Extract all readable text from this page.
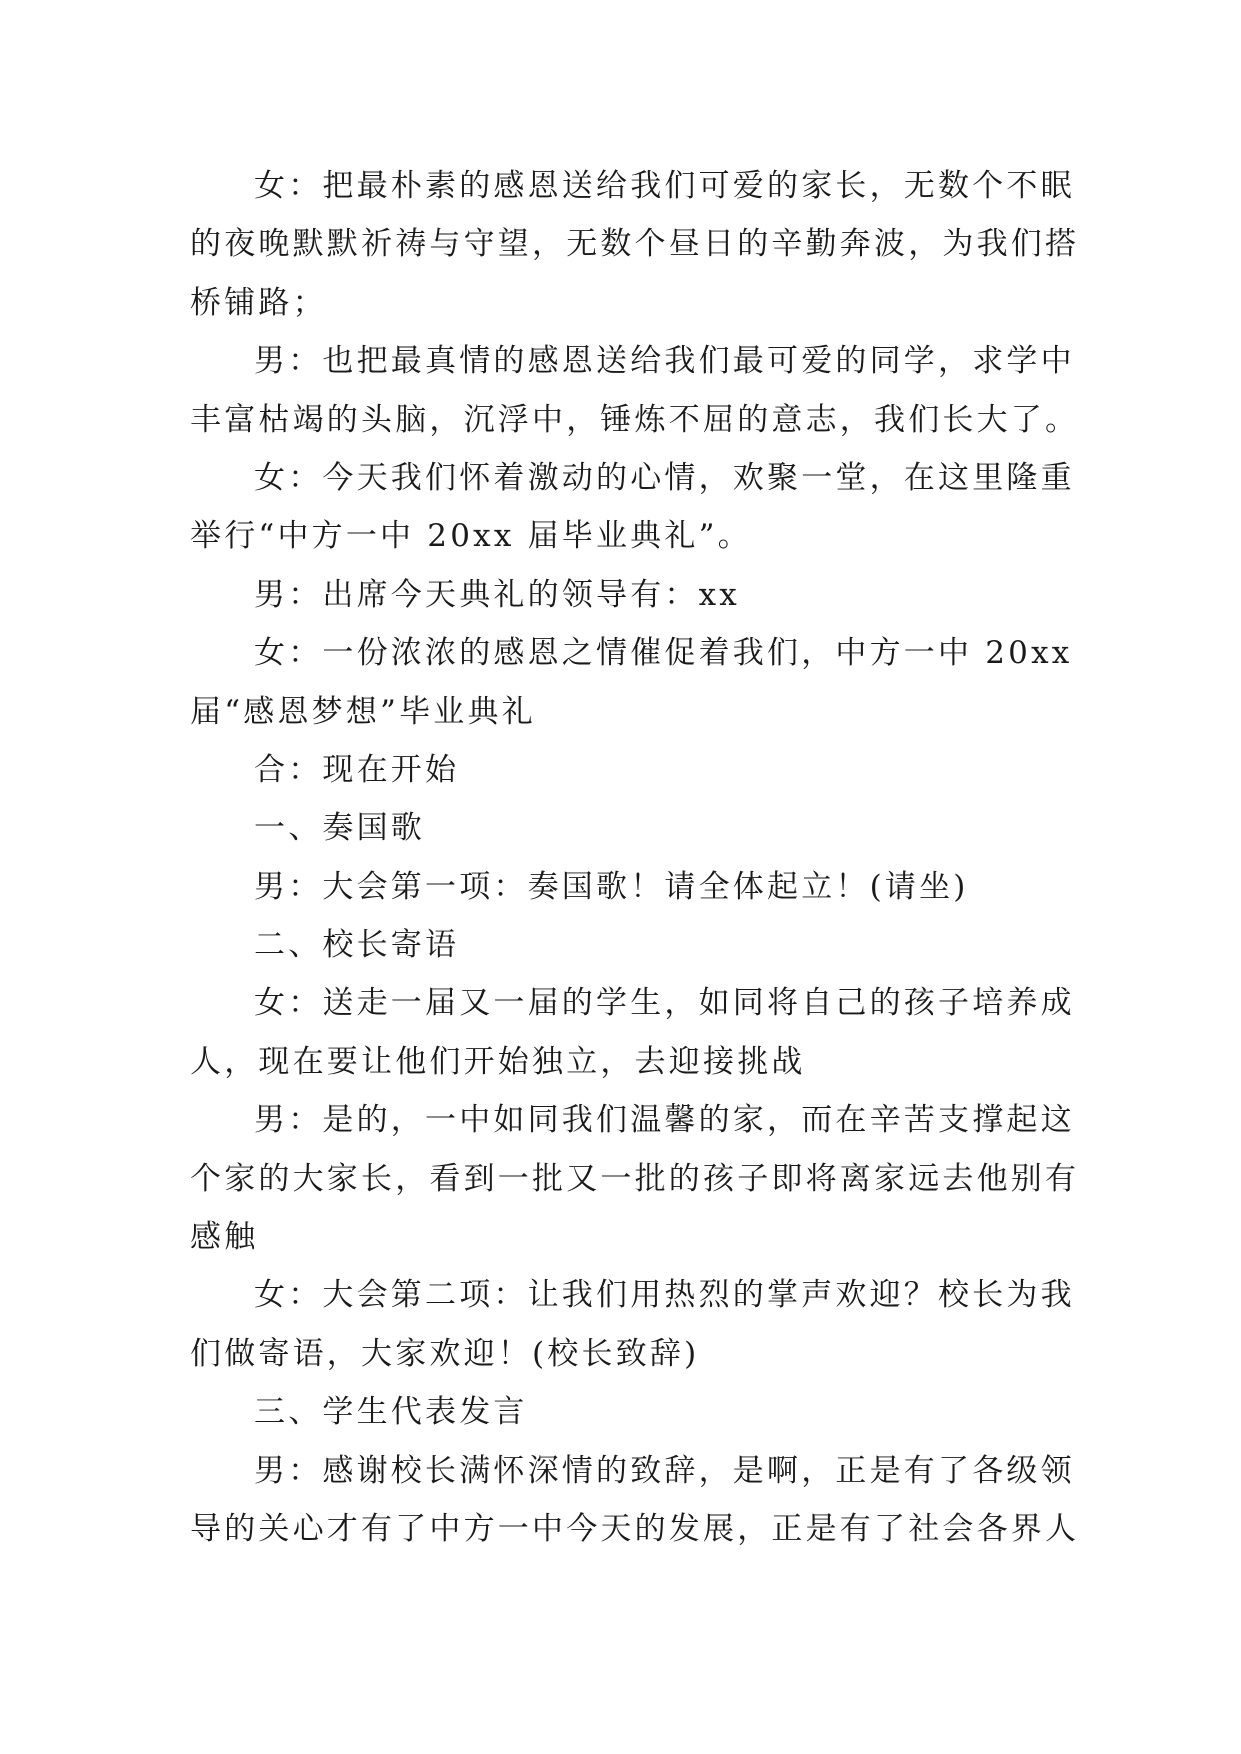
女：把最朴素的感恩送给我们可爱的家长，无数个不眠
的夜晚默默祈祷与守望，无数个昼日的辛勤奔波，为我们搭
桥铺路；
男：也把最真情的感恩送给我们最可爱的同学，求学中
丰富枯竭的头脑，沉浮中，锤炼不屈的意志，我们长大了。
女：今天我们怀着激动的心情，欢聚一堂，在这里隆重
举行“中方一中 20xx 届毕业典礼”。
男：出席今天典礼的领导有：xx
女：一份浓浓的感恩之情催促着我们，中方一中 20xx
届“感恩梦想”毕业典礼
合：现在开始
一、奏国歌
男：大会第一项：奏国歌！请全体起立！(请坐)
二、校长寄语
女：送走一届又一届的学生，如同将自己的孩子培养成
人，现在要让他们开始独立，去迎接挑战
男：是的，一中如同我们温馨的家，而在辛苦支撑起这
个家的大家长，看到一批又一批的孩子即将离家远去他别有
感触
女：大会第二项：让我们用热烈的掌声欢迎？校长为我
们做寄语，大家欢迎！(校长致辞)
三、学生代表发言
男：感谢校长满怀深情的致辞，是啊，正是有了各级领
导的关心才有了中方一中今天的发展，正是有了社会各界人
